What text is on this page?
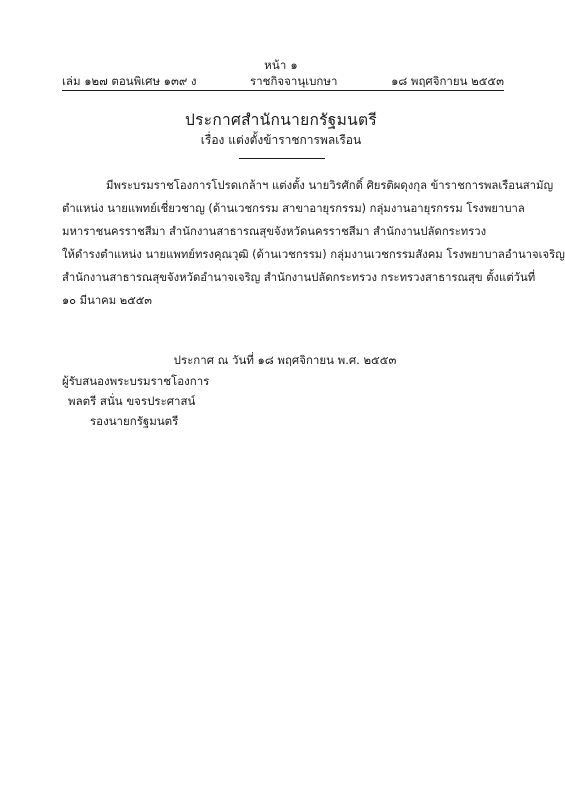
หน้า ๑
เล่ม ๑๒๗ ตอนพิเศษ ๑๓๙ ง	ราชกิจจานุเบกษา	๑๘ พฤศจิกายน ๒๕๕๓
ประกาศสำนักนายกรัฐมนตรี
เรื่อง แต่งตั้งข้าราชการพลเรือน
มีพระบรมราชโองการโปรดเกล้าฯ แต่งตั้ง นายวิรศักดิ์ ศิยรติผดุงกุล ข้าราชการพลเรือนสามัญ
ตำแหน่ง นายแพทย์เชี่ยวชาญ (ด้านเวชกรรม สาขาอายุรกรรม) กลุ่มงานอายุรกรรม โรงพยาบาล
มหาราชนครราชสีมา สำนักงานสาธารณสุขจังหวัดนครราชสีมา สำนักงานปลัดกระทรวง
ให้ดำรงตำแหน่ง นายแพทย์ทรงคุณวุฒิ (ด้านเวชกรรม) กลุ่มงานเวชกรรมสังคม โรงพยาบาลอำนาจเจริญ
สำนักงานสาธารณสุขจังหวัดอำนาจเจริญ สำนักงานปลัดกระทรวง กระทรวงสาธารณสุข ตั้งแต่วันที่
๑๐ มีนาคม ๒๕๕๓
ประกาศ ณ วันที่ ๑๘ พฤศจิกายน พ.ศ. ๒๕๕๓
ผู้รับสนองพระบรมราชโองการ
พลตรี สนั่น ขจรประศาสน์
รองนายกรัฐมนตรี
